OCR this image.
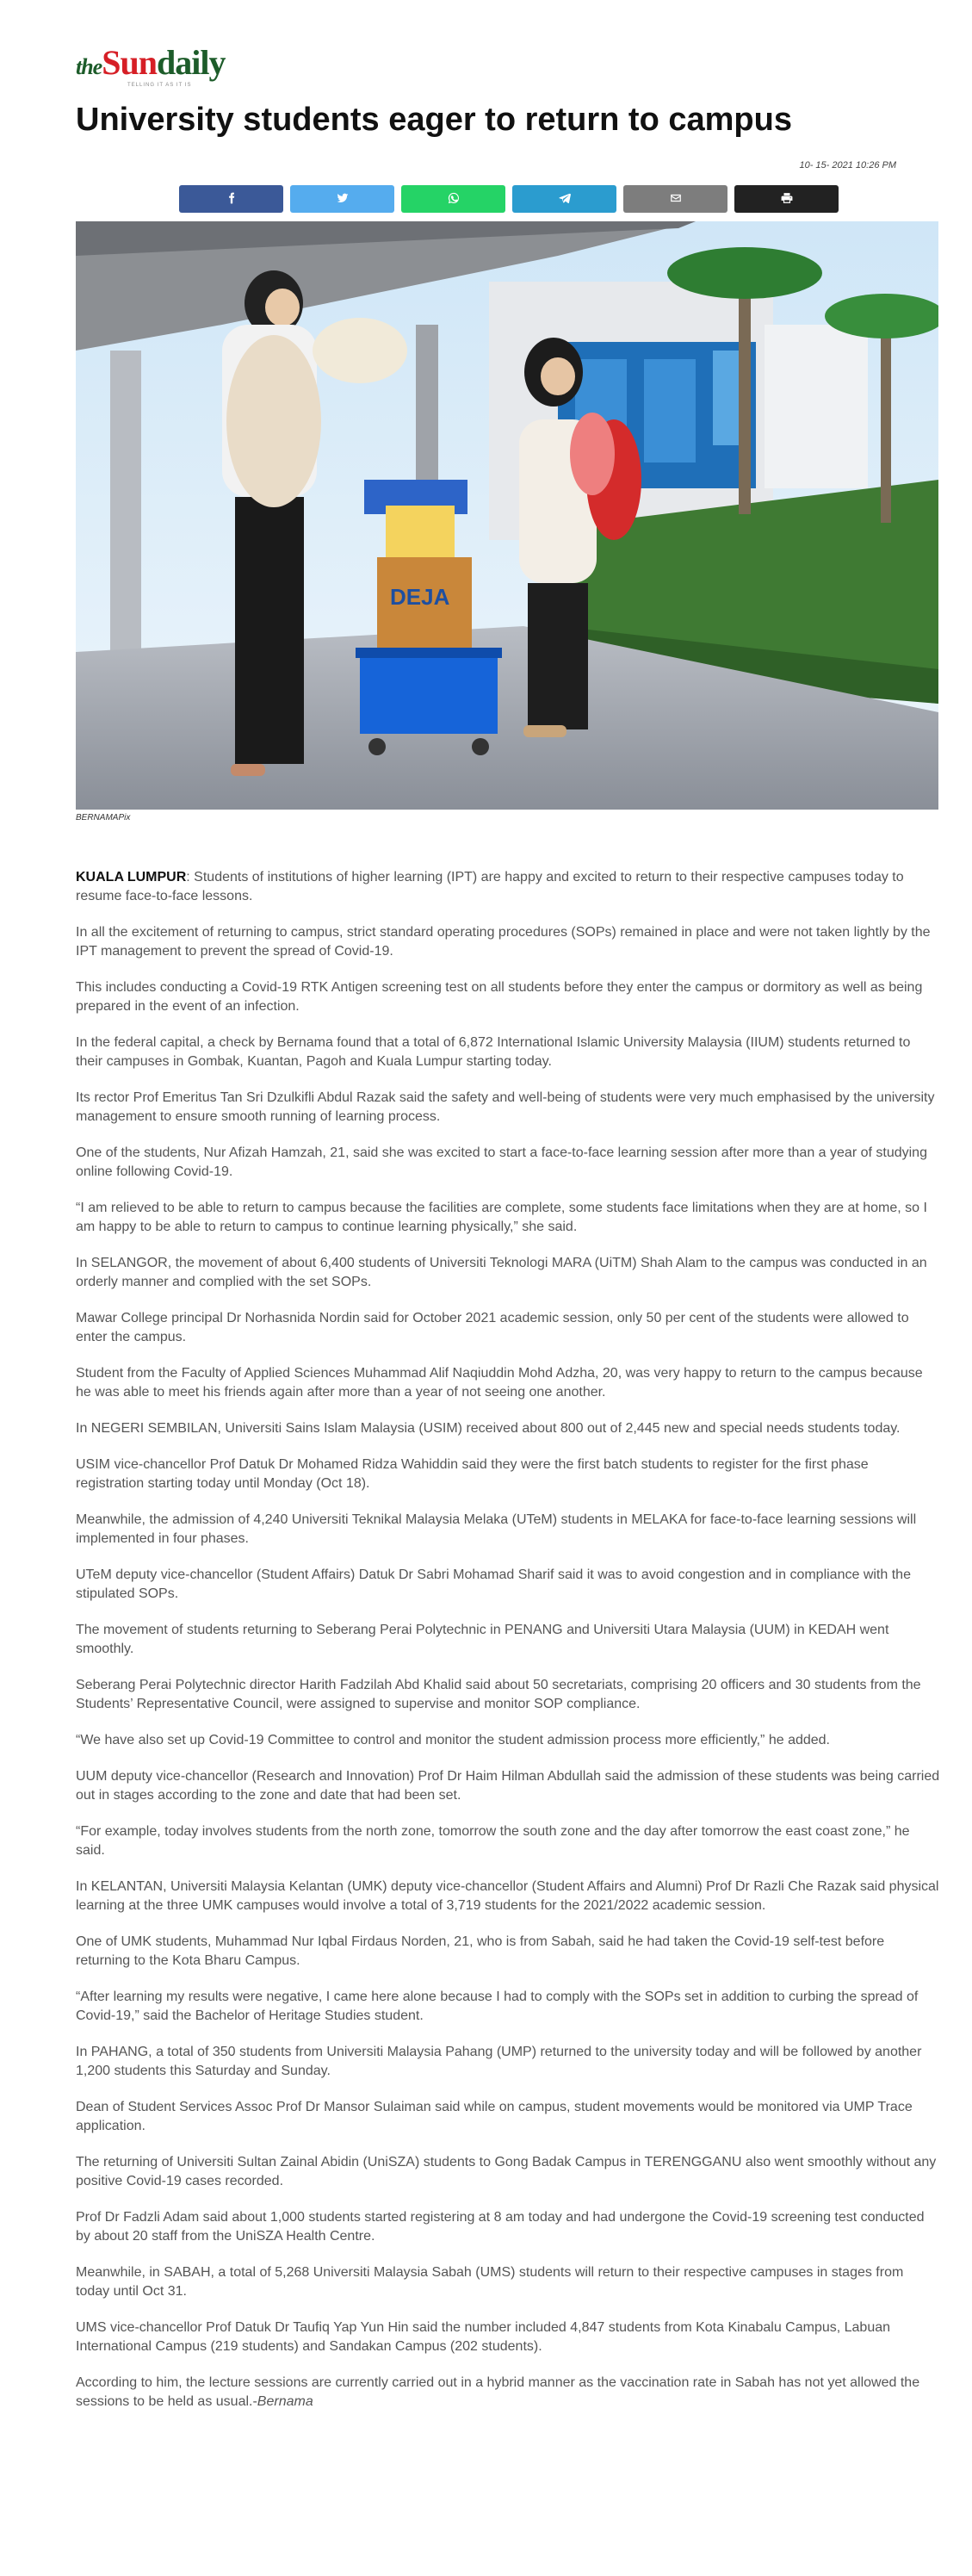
theSundaily
TELLING IT AS IT IS
University students eager to return to campus
10- 15- 2021 10:26 PM
DEJA
BERNAMAPix

KUALA LUMPUR: Students of institutions of higher learning (IPT) are happy and excited to return to their respective campuses today to resume face-to-face lessons.

In all the excitement of returning to campus, strict standard operating procedures (SOPs) remained in place and were not taken lightly by the IPT management to prevent the spread of Covid-19.

This includes conducting a Covid-19 RTK Antigen screening test on all students before they enter the campus or dormitory as well as being prepared in the event of an infection.

In the federal capital, a check by Bernama found that a total of 6,872 International Islamic University Malaysia (IIUM) students returned to their campuses in Gombak, Kuantan, Pagoh and Kuala Lumpur starting today.

Its rector Prof Emeritus Tan Sri Dzulkifli Abdul Razak said the safety and well-being of students were very much emphasised by the university management to ensure smooth running of learning process.

One of the students, Nur Afizah Hamzah, 21, said she was excited to start a face-to-face learning session after more than a year of studying online following Covid-19.

“I am relieved to be able to return to campus because the facilities are complete, some students face limitations when they are at home, so I am happy to be able to return to campus to continue learning physically,” she said.

In SELANGOR, the movement of about 6,400 students of Universiti Teknologi MARA (UiTM) Shah Alam to the campus was conducted in an orderly manner and complied with the set SOPs.

Mawar College principal Dr Norhasnida Nordin said for October 2021 academic session, only 50 per cent of the students were allowed to enter the campus.

Student from the Faculty of Applied Sciences Muhammad Alif Naqiuddin Mohd Adzha, 20, was very happy to return to the campus because he was able to meet his friends again after more than a year of not seeing one another.

In NEGERI SEMBILAN, Universiti Sains Islam Malaysia (USIM) received about 800 out of 2,445 new and special needs students today.

USIM vice-chancellor Prof Datuk Dr Mohamed Ridza Wahiddin said they were the first batch students to register for the first phase registration starting today until Monday (Oct 18).

Meanwhile, the admission of 4,240 Universiti Teknikal Malaysia Melaka (UTeM) students in MELAKA for face-to-face learning sessions will implemented in four phases.

UTeM deputy vice-chancellor (Student Affairs) Datuk Dr Sabri Mohamad Sharif said it was to avoid congestion and in compliance with the stipulated SOPs.

The movement of students returning to Seberang Perai Polytechnic in PENANG and Universiti Utara Malaysia (UUM) in KEDAH went smoothly.

Seberang Perai Polytechnic director Harith Fadzilah Abd Khalid said about 50 secretariats, comprising 20 officers and 30 students from the Students’ Representative Council, were assigned to supervise and monitor SOP compliance.

“We have also set up Covid-19 Committee to control and monitor the student admission process more efficiently,” he added.

UUM deputy vice-chancellor (Research and Innovation) Prof Dr Haim Hilman Abdullah said the admission of these students was being carried out in stages according to the zone and date that had been set.

“For example, today involves students from the north zone, tomorrow the south zone and the day after tomorrow the east coast zone,” he said.

In KELANTAN, Universiti Malaysia Kelantan (UMK) deputy vice-chancellor (Student Affairs and Alumni) Prof Dr Razli Che Razak said physical learning at the three UMK campuses would involve a total of 3,719 students for the 2021/2022 academic session.

One of UMK students, Muhammad Nur Iqbal Firdaus Norden, 21, who is from Sabah, said he had taken the Covid-19 self-test before returning to the Kota Bharu Campus.

“After learning my results were negative, I came here alone because I had to comply with the SOPs set in addition to curbing the spread of Covid-19,” said the Bachelor of Heritage Studies student.

In PAHANG, a total of 350 students from Universiti Malaysia Pahang (UMP) returned to the university today and will be followed by another 1,200 students this Saturday and Sunday.

Dean of Student Services Assoc Prof Dr Mansor Sulaiman said while on campus, student movements would be monitored via UMP Trace application.

The returning of Universiti Sultan Zainal Abidin (UniSZA) students to Gong Badak Campus in TERENGGANU also went smoothly without any positive Covid-19 cases recorded.

Prof Dr Fadzli Adam said about 1,000 students started registering at 8 am today and had undergone the Covid-19 screening test conducted by about 20 staff from the UniSZA Health Centre.

Meanwhile, in SABAH, a total of 5,268 Universiti Malaysia Sabah (UMS) students will return to their respective campuses in stages from today until Oct 31.

UMS vice-chancellor Prof Datuk Dr Taufiq Yap Yun Hin said the number included 4,847 students from Kota Kinabalu Campus, Labuan International Campus (219 students) and Sandakan Campus (202 students).

According to him, the lecture sessions are currently carried out in a hybrid manner as the vaccination rate in Sabah has not yet allowed the sessions to be held as usual.-Bernama
